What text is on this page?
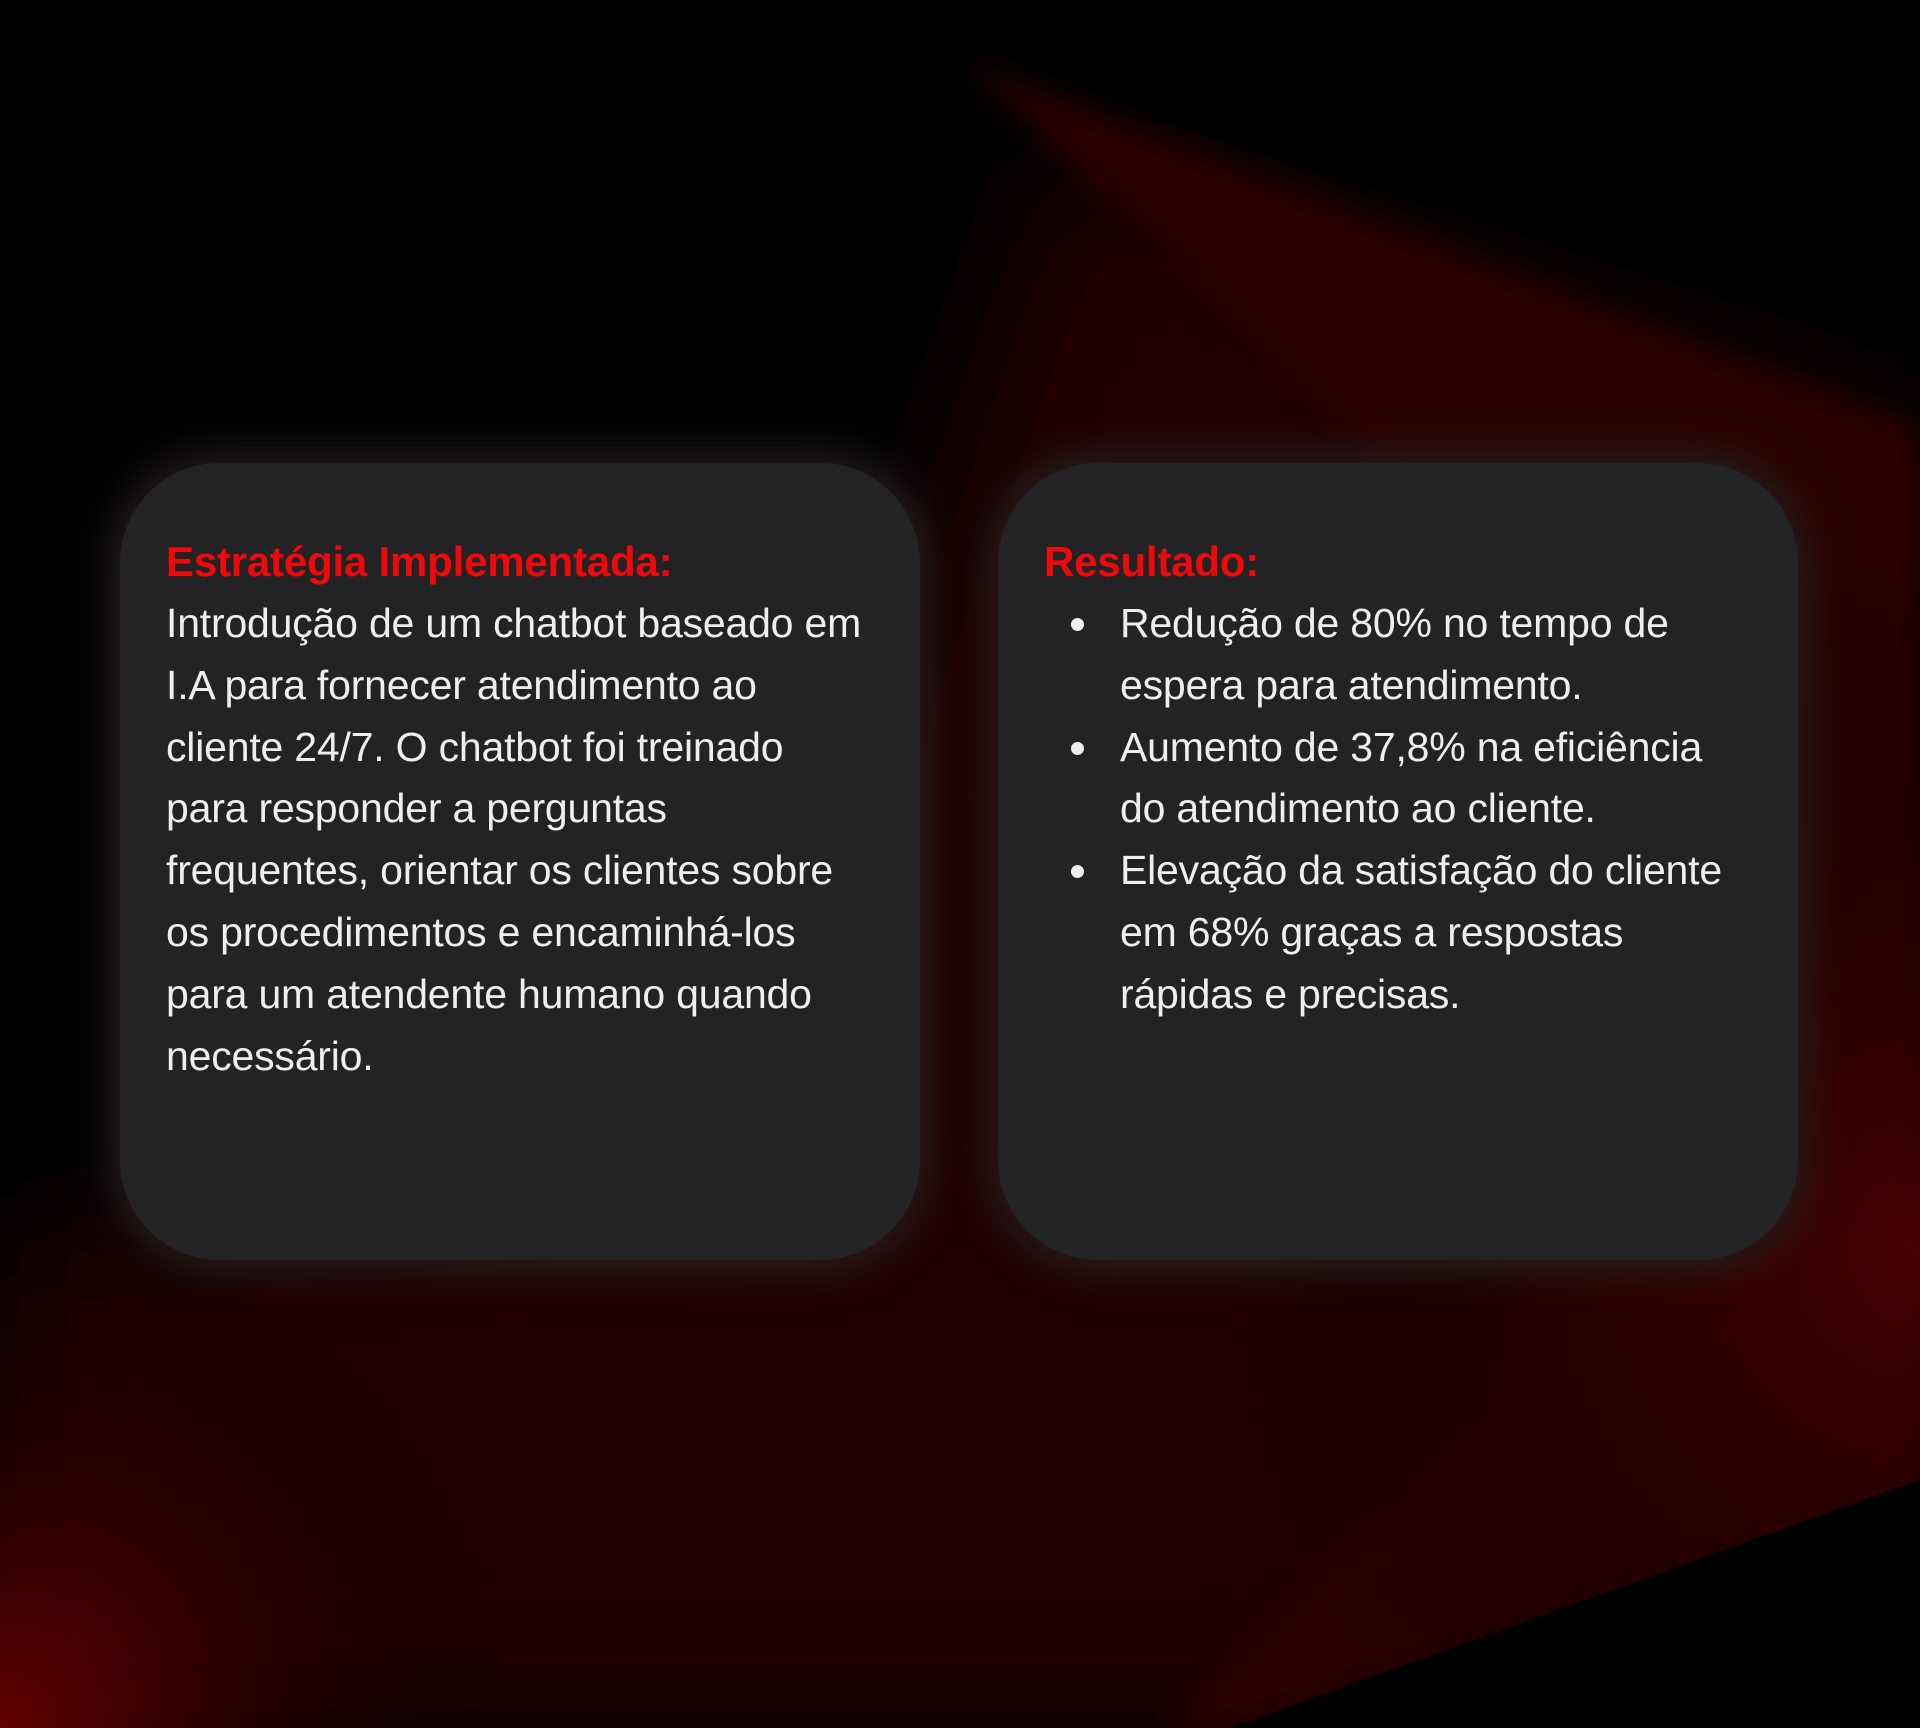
Estratégia Implementada:

Introdução de um chatbot baseado em I.A para fornecer atendimento ao cliente 24/7. O chatbot foi treinado para responder a perguntas frequentes, orientar os clientes sobre os procedimentos e encaminhá-los para um atendente humano quando necessário.

Resultado:
Redução de 80% no tempo de espera para atendimento.
Aumento de 37,8% na eficiência do atendimento ao cliente.
Elevação da satisfação do cliente em 68% graças a respostas rápidas e precisas.
